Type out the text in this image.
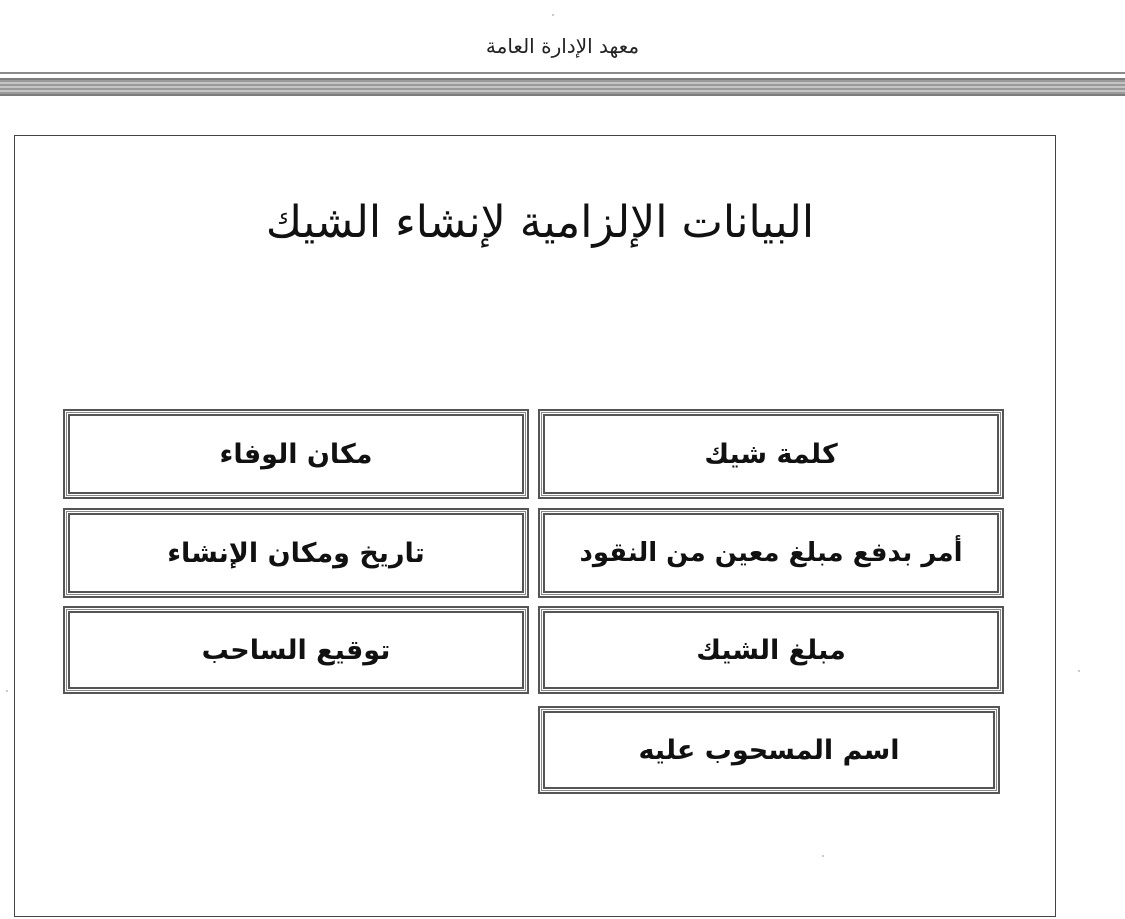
معهد الإدارة العامة
البيانات الإلزامية لإنشاء الشيك
كلمة شيك
أمر بدفع مبلغ معين من النقود
مبلغ الشيك
اسم المسحوب عليه
مكان الوفاء
تاريخ ومكان الإنشاء
توقيع الساحب
